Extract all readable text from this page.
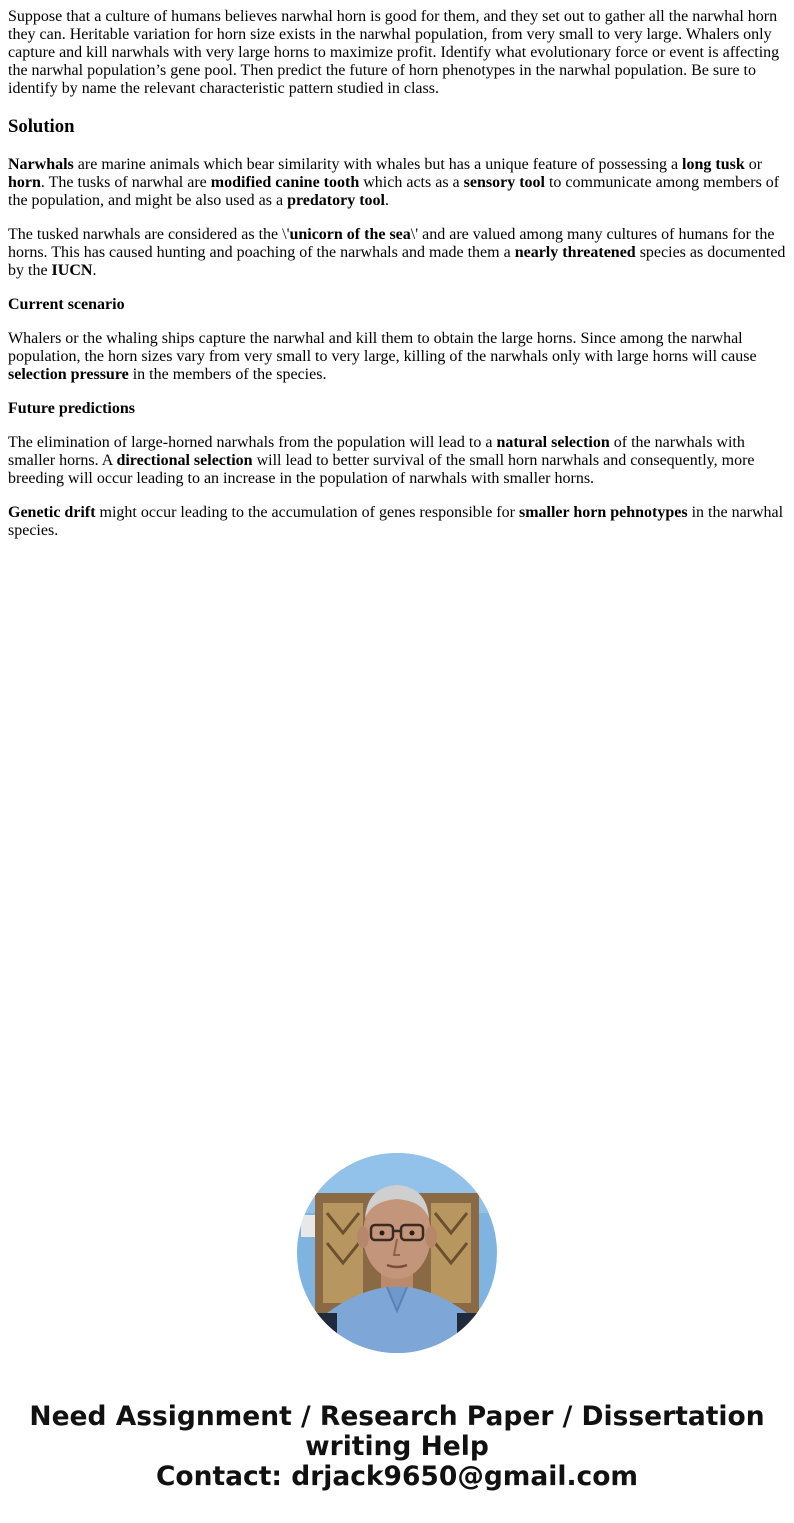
Suppose that a culture of humans believes narwhal horn is good for them, and they set out to gather all the narwhal horn they can. Heritable variation for horn size exists in the narwhal population, from very small to very large. Whalers only capture and kill narwhals with very large horns to maximize profit. Identify what evolutionary force or event is affecting the narwhal population’s gene pool. Then predict the future of horn phenotypes in the narwhal population. Be sure to identify by name the relevant characteristic pattern studied in class.

Solution

Narwhals are marine animals which bear similarity with whales but has a unique feature of possessing a long tusk or horn. The tusks of narwhal are modified canine tooth which acts as a sensory tool to communicate among members of the population, and might be also used as a predatory tool.

The tusked narwhals are considered as the \'unicorn of the sea\' and are valued among many cultures of humans for the horns. This has caused hunting and poaching of the narwhals and made them a nearly threatened species as documented by the IUCN.

Current scenario

Whalers or the whaling ships capture the narwhal and kill them to obtain the large horns. Since among the narwhal population, the horn sizes vary from very small to very large, killing of the narwhals only with large horns will cause selection pressure in the members of the species.

Future predictions

The elimination of large-horned narwhals from the population will lead to a natural selection of the narwhals with smaller horns. A directional selection will lead to better survival of the small horn narwhals and consequently, more breeding will occur leading to an increase in the population of narwhals with smaller horns.

Genetic drift might occur leading to the accumulation of genes responsible for smaller horn pehnotypes in the narwhal species.

Need Assignment / Research Paper / Dissertation writing Help
Contact: drjack9650@gmail.com
